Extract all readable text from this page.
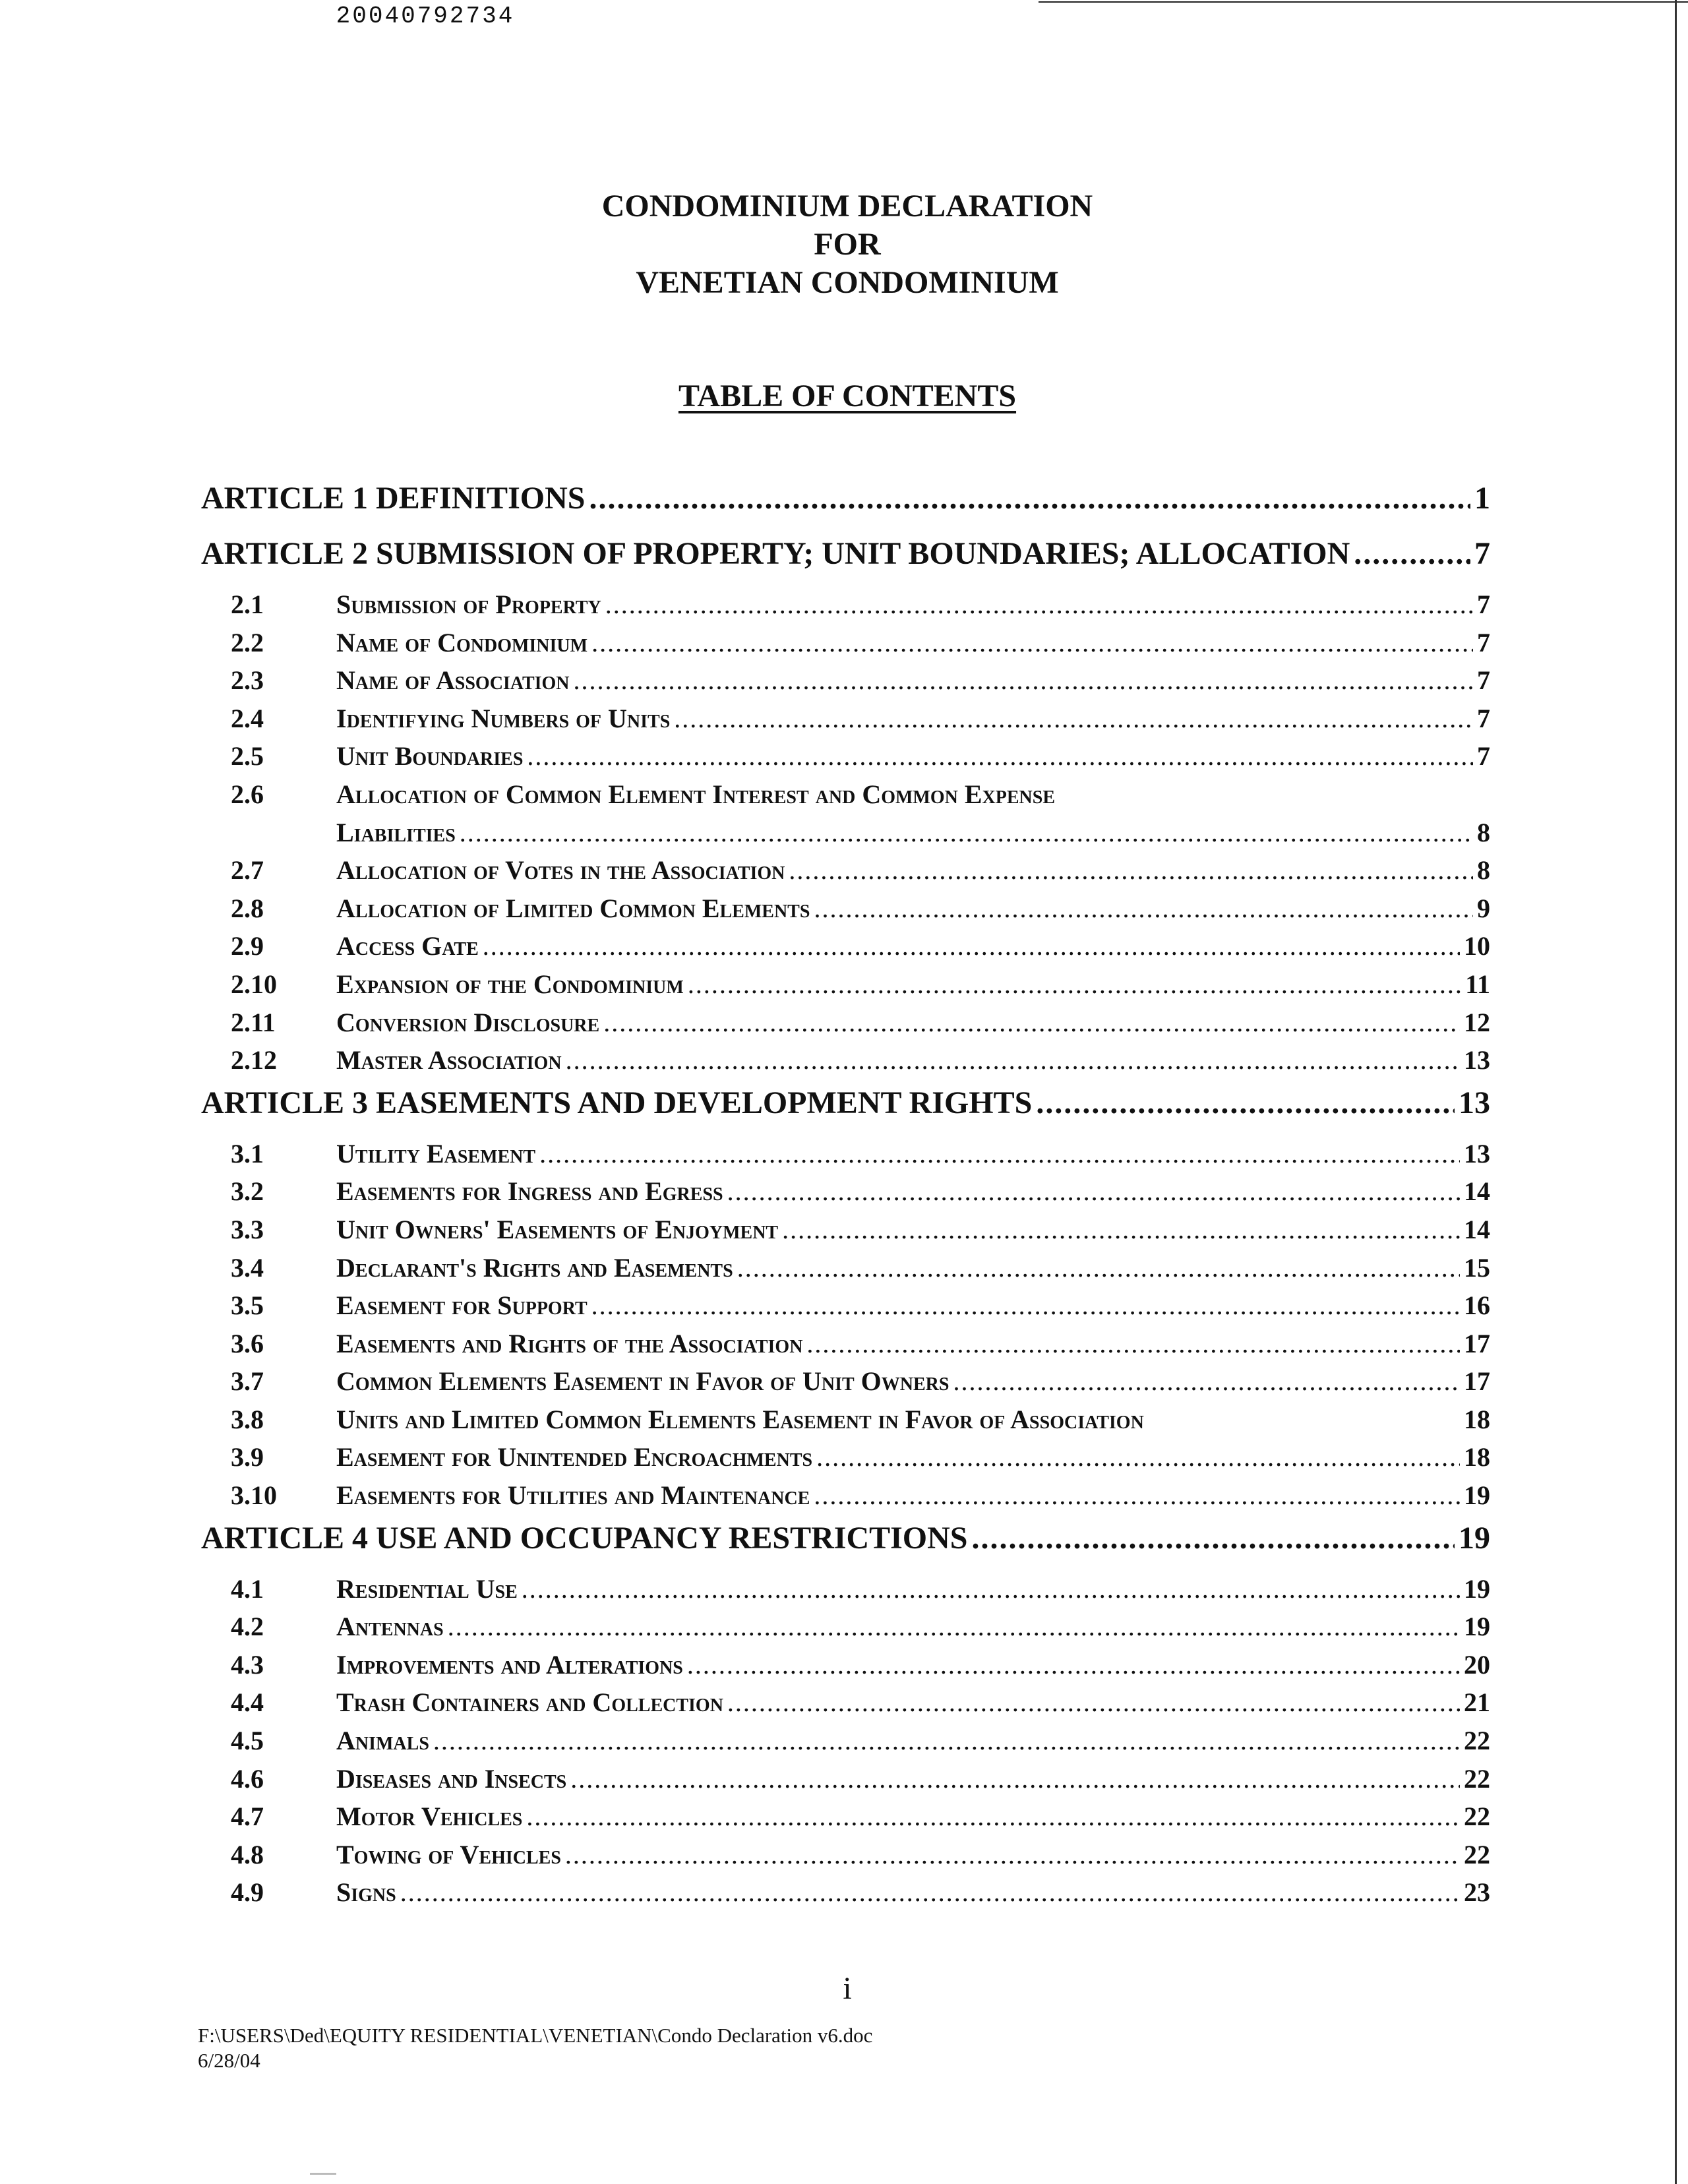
20040792734
CONDOMINIUM DECLARATION
FOR
VENETIAN CONDOMINIUM
TABLE OF CONTENTS
ARTICLE 1 DEFINITIONS .....	1
ARTICLE 2 SUBMISSION OF PROPERTY; UNIT BOUNDARIES; ALLOCATION .....	7
2.1	Submission of Property .....	7
2.2	Name of Condominium .....	7
2.3	Name of Association .....	7
2.4	Identifying Numbers of Units .....	7
2.5	Unit Boundaries .....	7
2.6	Allocation of Common Element Interest and Common Expense
Liabilities .....	8
2.7	Allocation of Votes in the Association .....	8
2.8	Allocation of Limited Common Elements .....	9
2.9	Access Gate .....	10
2.10	Expansion of the Condominium .....	11
2.11	Conversion Disclosure .....	12
2.12	Master Association .....	13
ARTICLE 3 EASEMENTS AND DEVELOPMENT RIGHTS .....	13
3.1	Utility Easement .....	13
3.2	Easements for Ingress and Egress .....	14
3.3	Unit Owners' Easements of Enjoyment .....	14
3.4	Declarant's Rights and Easements .....	15
3.5	Easement for Support .....	16
3.6	Easements and Rights of the Association .....	17
3.7	Common Elements Easement in Favor of Unit Owners .....	17
3.8	Units and Limited Common Elements Easement in Favor of Association	18
3.9	Easement for Unintended Encroachments .....	18
3.10	Easements for Utilities and Maintenance .....	19
ARTICLE 4 USE AND OCCUPANCY RESTRICTIONS .....	19
4.1	Residential Use .....	19
4.2	Antennas .....	19
4.3	Improvements and Alterations .....	20
4.4	Trash Containers and Collection .....	21
4.5	Animals .....	22
4.6	Diseases and Insects .....	22
4.7	Motor Vehicles .....	22
4.8	Towing of Vehicles .....	22
4.9	Signs .....	23
i
F:\USERS\Ded\EQUITY RESIDENTIAL\VENETIAN\Condo Declaration v6.doc
6/28/04
